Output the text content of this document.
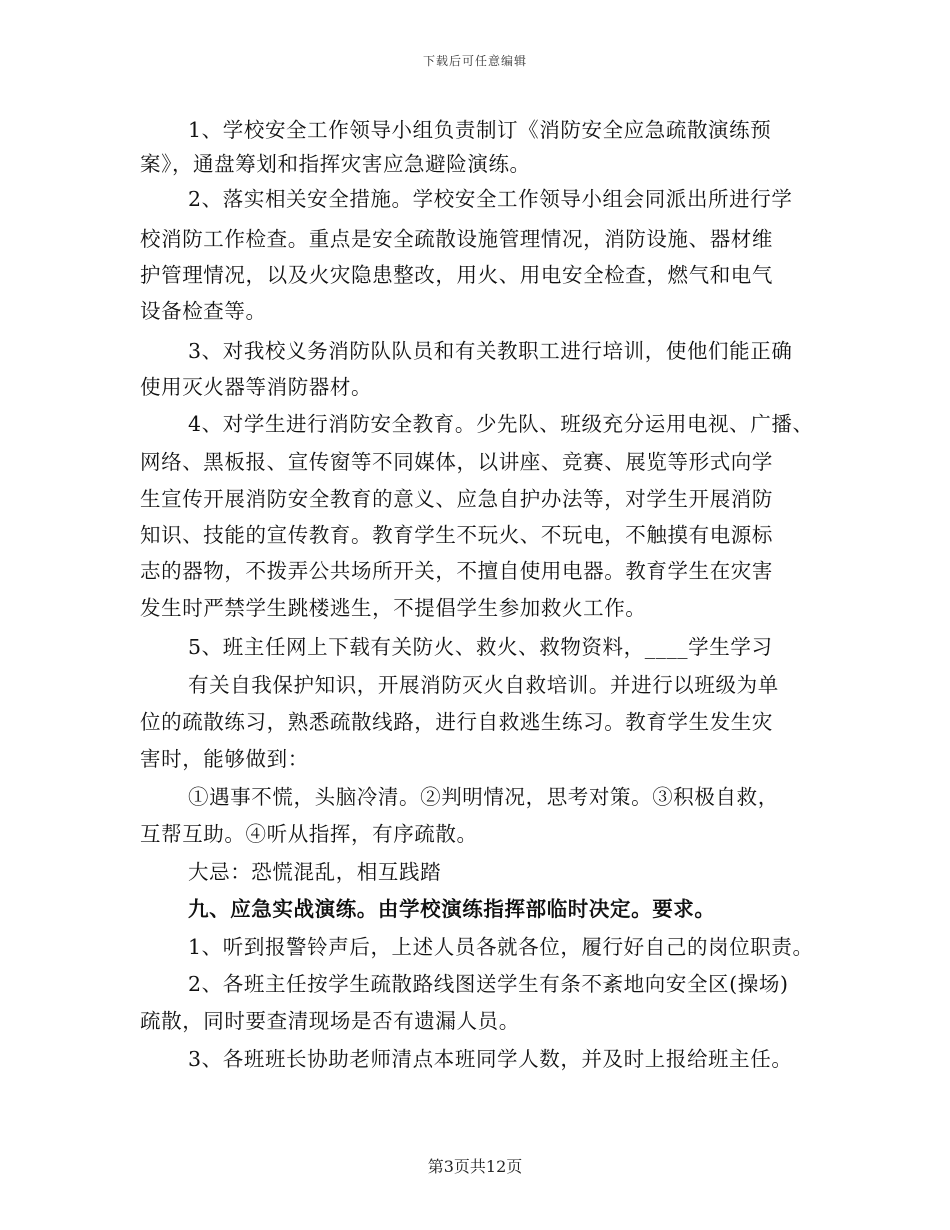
下载后可任意编辑
1、学校安全工作领导小组负责制订《消防安全应急疏散演练预
案》，通盘筹划和指挥灾害应急避险演练。
2、落实相关安全措施。学校安全工作领导小组会同派出所进行学
校消防工作检查。重点是安全疏散设施管理情况，消防设施、器材维
护管理情况，以及火灾隐患整改，用火、用电安全检查，燃气和电气
设备检查等。
3、对我校义务消防队队员和有关教职工进行培训，使他们能正确
使用灭火器等消防器材。
4、对学生进行消防安全教育。少先队、班级充分运用电视、广播、
网络、黑板报、宣传窗等不同媒体，以讲座、竞赛、展览等形式向学
生宣传开展消防安全教育的意义、应急自护办法等，对学生开展消防
知识、技能的宣传教育。教育学生不玩火、不玩电，不触摸有电源标
志的器物，不拨弄公共场所开关，不擅自使用电器。教育学生在灾害
发生时严禁学生跳楼逃生，不提倡学生参加救火工作。
5、班主任网上下载有关防火、救火、救物资料，____学生学习
有关自我保护知识，开展消防灭火自救培训。并进行以班级为单
位的疏散练习，熟悉疏散线路，进行自救逃生练习。教育学生发生灾
害时，能够做到：
①遇事不慌，头脑冷清。②判明情况，思考对策。③积极自救，
互帮互助。④听从指挥，有序疏散。
大忌：恐慌混乱，相互践踏
九、应急实战演练。由学校演练指挥部临时决定。要求。
1、听到报警铃声后，上述人员各就各位，履行好自己的岗位职责。
2、各班主任按学生疏散路线图送学生有条不紊地向安全区(操场)
疏散，同时要查清现场是否有遗漏人员。
3、各班班长协助老师清点本班同学人数，并及时上报给班主任。
第3页共12页
